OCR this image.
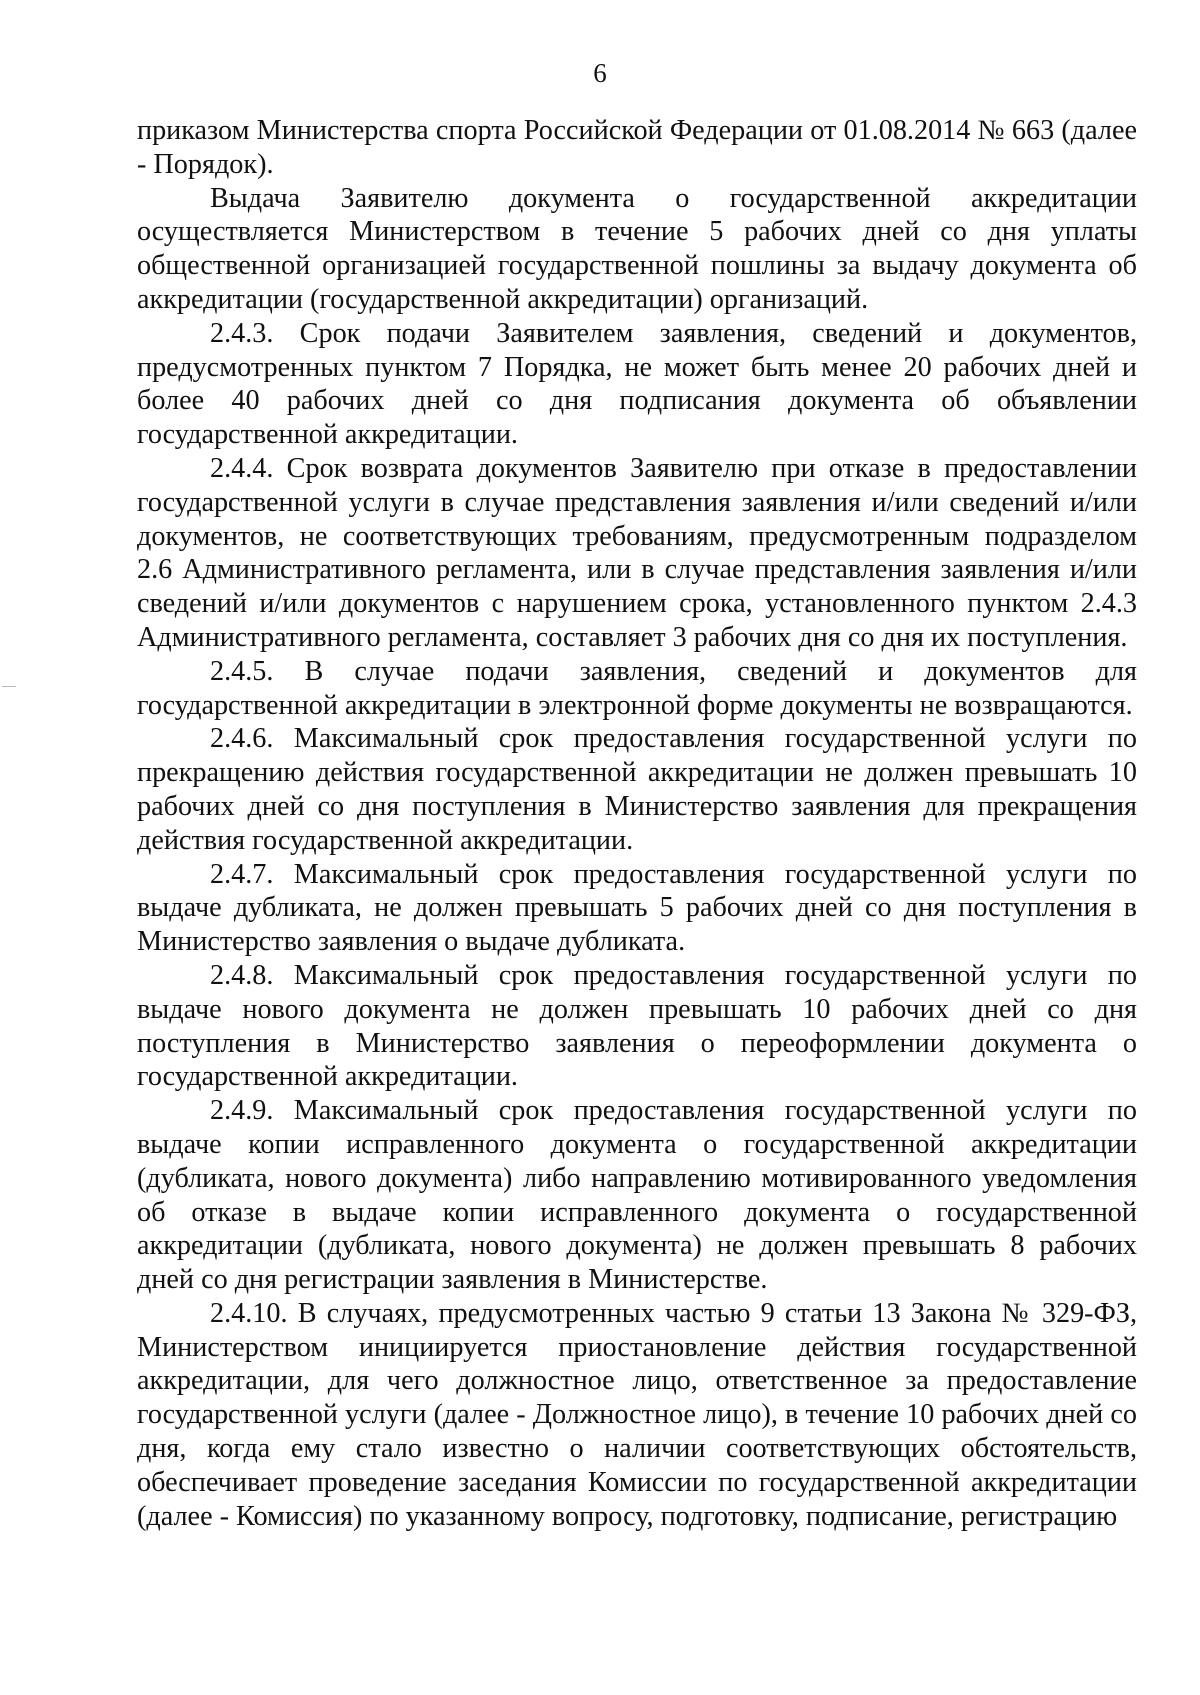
6

приказом Министерства спорта Российской Федерации от 01.08.2014 № 663 (далее - Порядок).

Выдача Заявителю документа о государственной аккредитации осуществляется Министерством в течение 5 рабочих дней со дня уплаты общественной организацией государственной пошлины за выдачу документа об аккредитации (государственной аккредитации) организаций.

2.4.3. Срок подачи Заявителем заявления, сведений и документов, предусмотренных пунктом 7 Порядка, не может быть менее 20 рабочих дней и более 40 рабочих дней со дня подписания документа об объявлении государственной аккредитации.

2.4.4. Срок возврата документов Заявителю при отказе в предоставлении государственной услуги в случае представления заявления и/или сведений и/или документов, не соответствующих требованиям, предусмотренным подразделом 2.6 Административного регламента, или в случае представления заявления и/или сведений и/или документов с нарушением срока, установленного пунктом 2.4.3 Административного регламента, составляет 3 рабочих дня со дня их поступления.

2.4.5. В случае подачи заявления, сведений и документов для государственной аккредитации в электронной форме документы не возвращаются.

2.4.6. Максимальный срок предоставления государственной услуги по прекращению действия государственной аккредитации не должен превышать 10 рабочих дней со дня поступления в Министерство заявления для прекращения действия государственной аккредитации.

2.4.7. Максимальный срок предоставления государственной услуги по выдаче дубликата, не должен превышать 5 рабочих дней со дня поступления в Министерство заявления о выдаче дубликата.

2.4.8. Максимальный срок предоставления государственной услуги по выдаче нового документа не должен превышать 10 рабочих дней со дня поступления в Министерство заявления о переоформлении документа о государственной аккредитации.

2.4.9. Максимальный срок предоставления государственной услуги по выдаче копии исправленного документа о государственной аккредитации (дубликата, нового документа) либо направлению мотивированного уведомления об отказе в выдаче копии исправленного документа о государственной аккредитации (дубликата, нового документа) не должен превышать 8 рабочих дней со дня регистрации заявления в Министерстве.

2.4.10. В случаях, предусмотренных частью 9 статьи 13 Закона № 329-ФЗ, Министерством инициируется приостановление действия государственной аккредитации, для чего должностное лицо, ответственное за предоставление государственной услуги (далее - Должностное лицо), в течение 10 рабочих дней со дня, когда ему стало известно о наличии соответствующих обстоятельств, обеспечивает проведение заседания Комиссии по государственной аккредитации (далее - Комиссия) по указанному вопросу, подготовку, подписание, регистрацию
